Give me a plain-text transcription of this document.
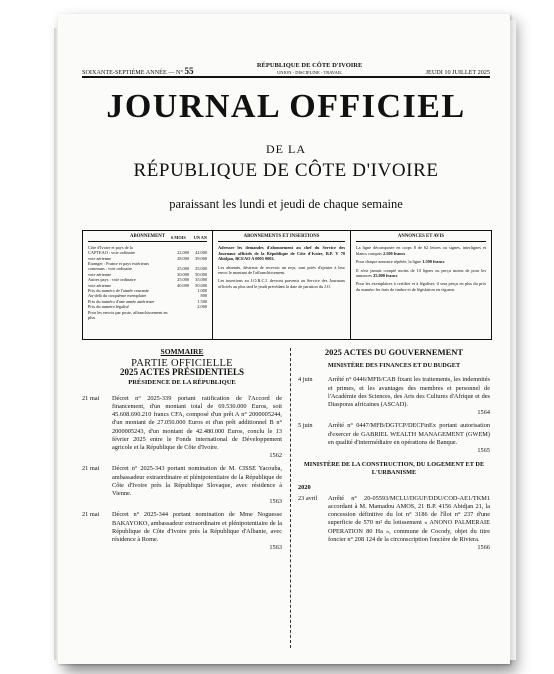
SOIXANTE-SEPTIÈME ANNÉE — N° 55
RÉPUBLIQUE DE CÔTE D'IVOIRE
UNION - DISCIPLINE - TRAVAIL	JEUDI 10 JUILLET 2025
JOURNAL OFFICIEL
DE LA
RÉPUBLIQUE DE CÔTE D'IVOIRE
paraissant les lundi et jeudi de chaque semaine
ABONNEMENT	6 MOIS UN AN
Côte d'Ivoire et pays de la
CAPTEAO : voie ordinaire	22.000 42.000
voie aérienne	28.000 39.000
Etranger : France et pays extérieurs
communs : voie ordinaire	25.000 35.000
voie aérienne	30.000 50.000
Autres pays : voie ordinaire	25.000 35.000
voie aérienne	40.000 50.000
Prix du numéro de l'année courante	1.000
Au-delà du cinquième exemplaire	800
Prix du numéro d'une année antérieure	1.500
Prix du numéro légalisé	2.000
Pour les envois par poste, affranchissement en plus
ABONNEMENTS ET INSERTIONS

Adresser les demandes d'abonnement au chef du Service des Journaux officiels de la République de Côte d'Ivoire, B.P. V 70 Abidjan, BCEAO A 0005 0002.

Les abonnés, désireux de recevoir un reçu, sont priés d'ajouter à leur envoi le montant de l'affranchissement.

Les insertions au J.O.R.C.I. devront parvenir au Service des Journaux officiels au plus tard le jeudi précédant la date de parution du J.O.

ANNONCES ET AVIS

La ligne décomposée en corps 8 de 62 lettres ou signes, interlignes et blancs compris 2.500 francs

Pour chaque annonce répétée, la ligne 1.500 francs

Il n'est jamais compté moins de 10 lignes ou perçu moins de pour les annonces 25.000 francs

Pour les exemplaires à certifier et à légaliser, il sera perçu en plus du prix du numéro les frais de timbre et de législation en vigueur.

SOMMAIRE
PARTIE OFFICIELLE
2025 ACTES PRÉSIDENTIELS
PRÉSIDENCE DE LA RÉPUBLIQUE
21 mai	Décret n° 2025-339 portant ratification de l'Accord de financement, d'un montant total de 69.530.000 Euros, soit 45.608.690.210 francs CFA, composé d'un prêt A n° 2000005244, d'un montant de 27.050.000 Euros et d'un prêt additionnel B n° 2000005243, d'un montant de 42.480.000 Euros, conclu le 13 février 2025 entre le Fonds international de Développement agricole et la République de Côte d'Ivoire.
1562
21 mai	Décret n° 2025-343 portant nomination de M. CISSE Yacouba, ambassadeur extraordinaire et plénipotentiaire de la République de Côte d'Ivoire près la République Slovaque, avec résidence à Vienne.
1563
21 mai	Décret n° 2025-344 portant nomination de Mme Noguesse BAKAYOKO, ambassadeur extraordinaire et plénipotentiaire de la République de Côte d'Ivoire près la République d'Albanie, avec résidence à Rome.
1563
2025 ACTES DU GOUVERNEMENT
MINISTÈRE DES FINANCES ET DU BUDGET
4 juin	Arrêté n° 0446/MFB/CAB fixant les traitements, les indemnités et primes, et les avantages des membres et personnel de l'Académie des Sciences, des Arts des Cultures d'Afrique et des Diasporas africaines (ASCAD).
1564
5 juin	Arrêté n° 0447/MFB/DGTCP/DECFinEx portant autorisation d'exercer de GABRIEL WEALTH MANAGEMENT (GWEM) en qualité d'intermédiaire en opérations de Banque.
1565
MINISTÈRE DE LA CONSTRUCTION, DU LOGEMENT ET DE L'URBANISME
2020
23 avril	Arrêté n° 20-05593/MCLU/DGUF/DDU/COD-AE1/TKM1 accordant à M. Mamadou AMOS, 21 B.P. 4156 Abidjan 21, la concession définitive du lot n° 3186 de l'îlot n° 237 d'une superficie de 570 m² du lotissement « ANONO PALMERAIE OPERATION 80 Ha », commune de Cocody, objet du titre foncier n° 208 124 de la circonscription foncière de Riviera.
1566
